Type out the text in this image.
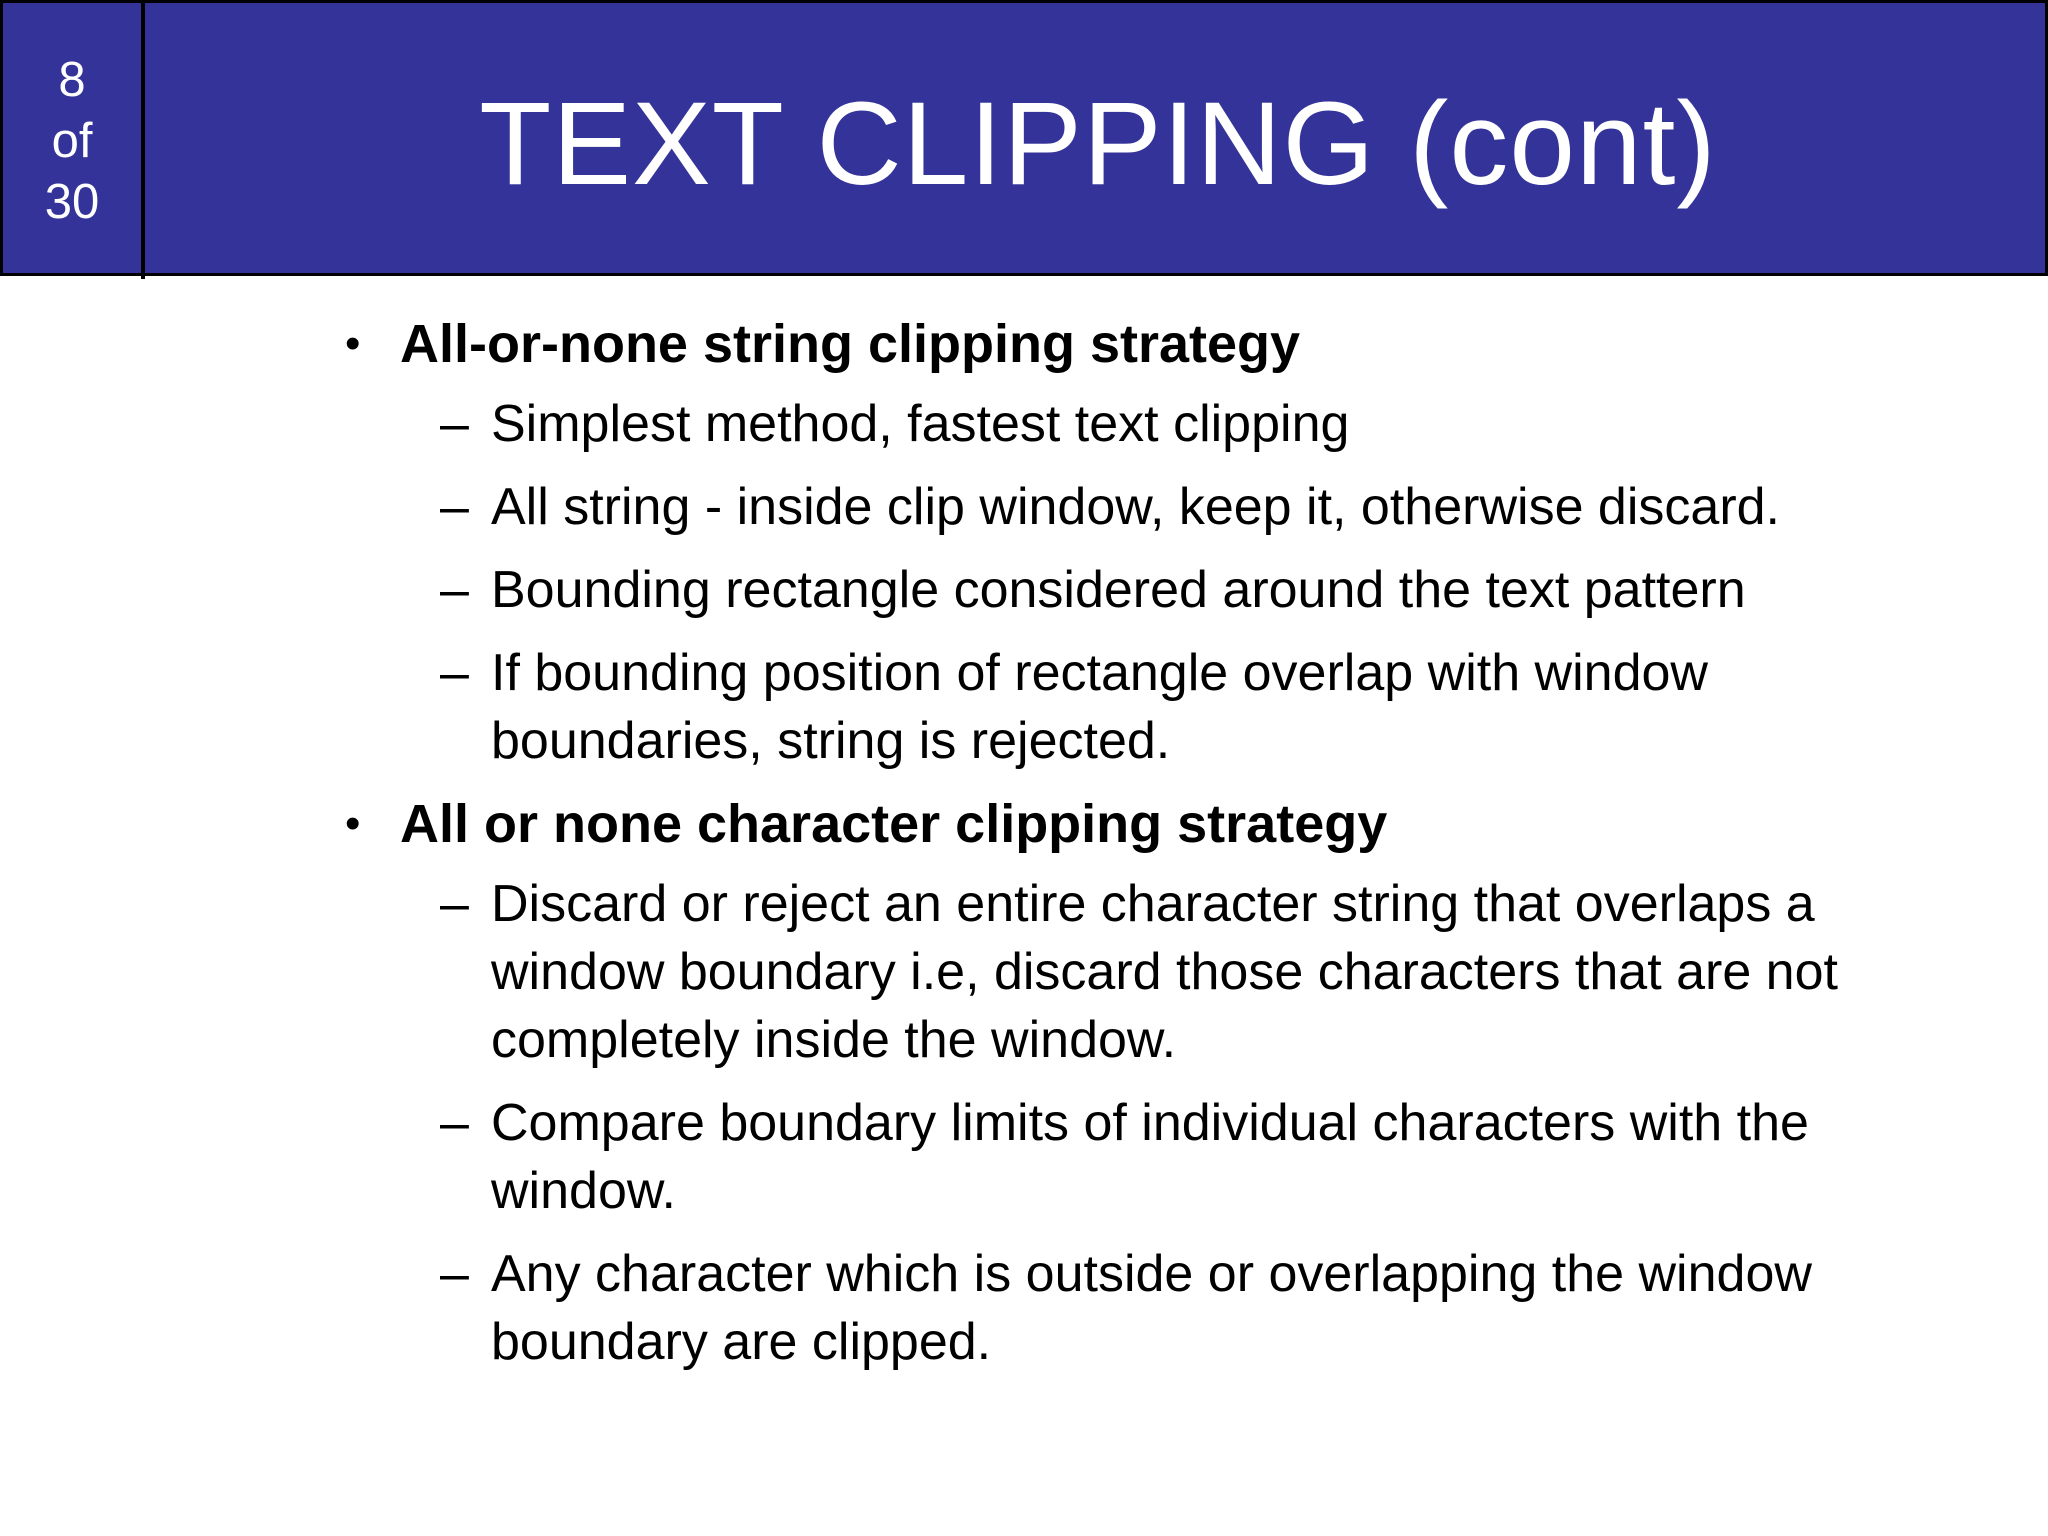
8
of
30	TEXT CLIPPING (cont)
• All-or-none string clipping strategy
– Simplest method, fastest text clipping
– All string - inside clip window, keep it, otherwise discard.
– Bounding rectangle considered around the text pattern
– If bounding position of rectangle overlap with window boundaries, string is rejected.
• All or none character clipping strategy
– Discard or reject an entire character string that overlaps a window boundary i.e, discard those characters that are not completely inside the window.
– Compare boundary limits of individual characters with the window.
– Any character which is outside or overlapping the window boundary are clipped.
